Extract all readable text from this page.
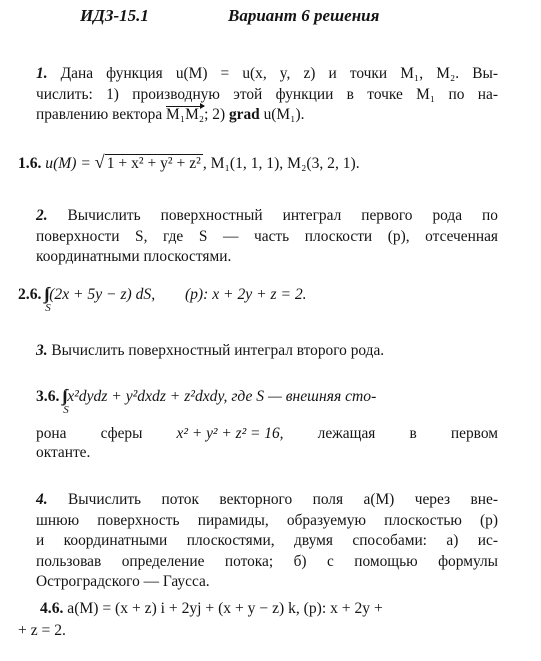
ИДЗ-15.1	Вариант 6 решения
1. Дана функция u(M) = u(x, y, z) и точки M₁, M₂. Вы-
числить: 1) производную этой функции в точке M₁ по на-
правлению вектора M₁M₂; 2) grad u(M₁).
1.6. u(M) = √ 1 + x² + y² + z² , M₁(1, 1, 1), M₂(3, 2, 1).
2. Вычислить поверхностный интеграл первого рода по
поверхности S, где S — часть плоскости (p), отсеченная
координатными плоскостями.
2.6.
S
(2x + 5y − z) dS, (p): x + 2y + z = 2.
3. Вычислить поверхностный интеграл второго рода.
3.6.
S
x²dydz + y²dxdz + z²dxdy, где S — внешняя сто-
рона сферы x² + y² + z² = 16, лежащая в первом
октанте.
4. Вычислить поток векторного поля a(M) через вне-
шнюю поверхность пирамиды, образуемую плоскостью (p)
и координатными плоскостями, двумя способами: а) ис-
пользовав определение потока; б) с помощью формулы
Остроградского — Гаусса.
4.6. a(M) = (x + z) i + 2yj + (x + y − z) k, (p): x + 2y +
+ z = 2.
